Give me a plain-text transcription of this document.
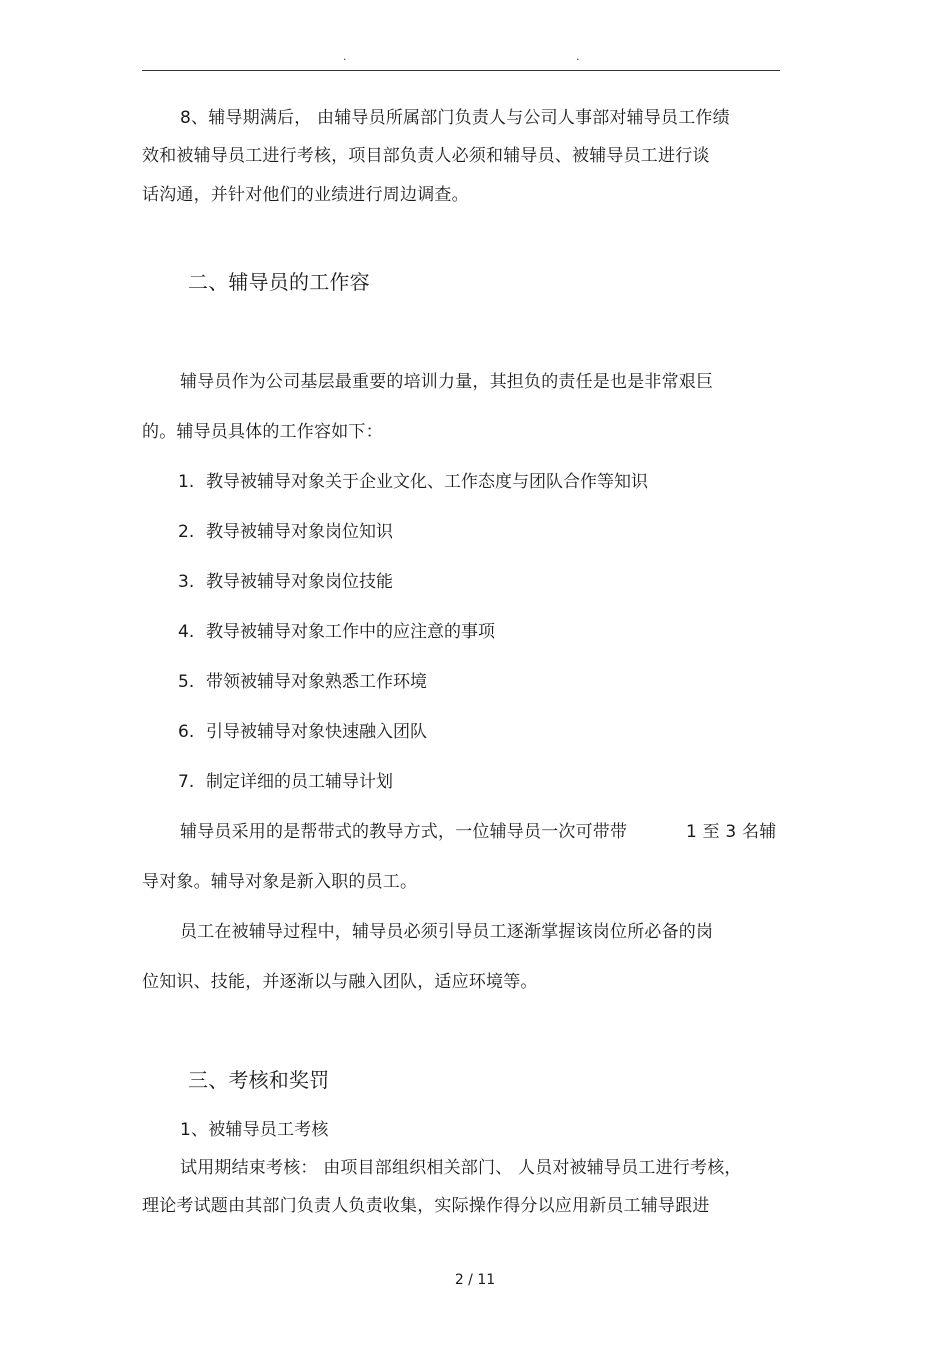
.	.
8、辅导期满后， 由辅导员所属部门负责人与公司人事部对辅导员工作绩
效和被辅导员工进行考核，项目部负责人必须和辅导员、被辅导员工进行谈
话沟通，并针对他们的业绩进行周边调查。
二、辅导员的工作容
辅导员作为公司基层最重要的培训力量，其担负的责任是也是非常艰巨
的。辅导员具体的工作容如下：
1. 教导被辅导对象关于企业文化、工作态度与团队合作等知识
2. 教导被辅导对象岗位知识
3. 教导被辅导对象岗位技能
4. 教导被辅导对象工作中的应注意的事项
5. 带领被辅导对象熟悉工作环境
6. 引导被辅导对象快速融入团队
7. 制定详细的员工辅导计划
辅导员采用的是帮带式的教导方式，一位辅导员一次可带带	1 至 3 名辅
导对象。辅导对象是新入职的员工。
员工在被辅导过程中，辅导员必须引导员工逐渐掌握该岗位所必备的岗
位知识、技能，并逐渐以与融入团队，适应环境等。
三、考核和奖罚
1、被辅导员工考核
试用期结束考核： 由项目部组织相关部门、 人员对被辅导员工进行考核，
理论考试题由其部门负责人负责收集，实际操作得分以应用新员工辅导跟进
2 / 11
